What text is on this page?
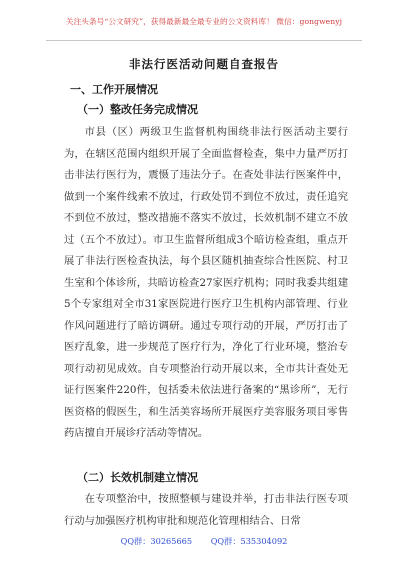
关注头条号“公文研究”，获得最新最全最专业的公文资料库！ 微信：gongwenyj
非法行医活动问题自查报告
一、工作开展情况
（一）整改任务完成情况

市县（区）两级卫生监督机构围绕非法行医活动主要行为，在辖区范围内组织开展了全面监督检查，集中力量严厉打击非法行医行为，震慑了违法分子。在查处非法行医案件中，做到一个案件线索不放过，行政处罚不到位不放过，责任追究不到位不放过，整改措施不落实不放过，长效机制不建立不放过（五个不放过）。市卫生监督所组成3个暗访检查组，重点开展了非法行医检查执法，每个县区随机抽查综合性医院、村卫生室和个体诊所，共暗访检查27家医疗机构；同时我委共组建5个专家组对全市31家医院进行医疗卫生机构内部管理、行业作风问题进行了暗访调研。通过专项行动的开展，严厉打击了医疗乱象，进一步规范了医疗行为，净化了行业环境，整治专项行动初见成效。自专项整治行动开展以来，全市共计查处无证行医案件220件，包括委未依法进行备案的“黑诊所”，无行医资格的假医生，和生活美容场所开展医疗美容服务项目零售药店擅自开展诊疗活动等情况。

（二）长效机制建立情况

在专项整治中，按照整顿与建设并举，打击非法行医专项行动与加强医疗机构审批和规范化管理相结合、日常

QQ群：30265665 QQ群：535304092
